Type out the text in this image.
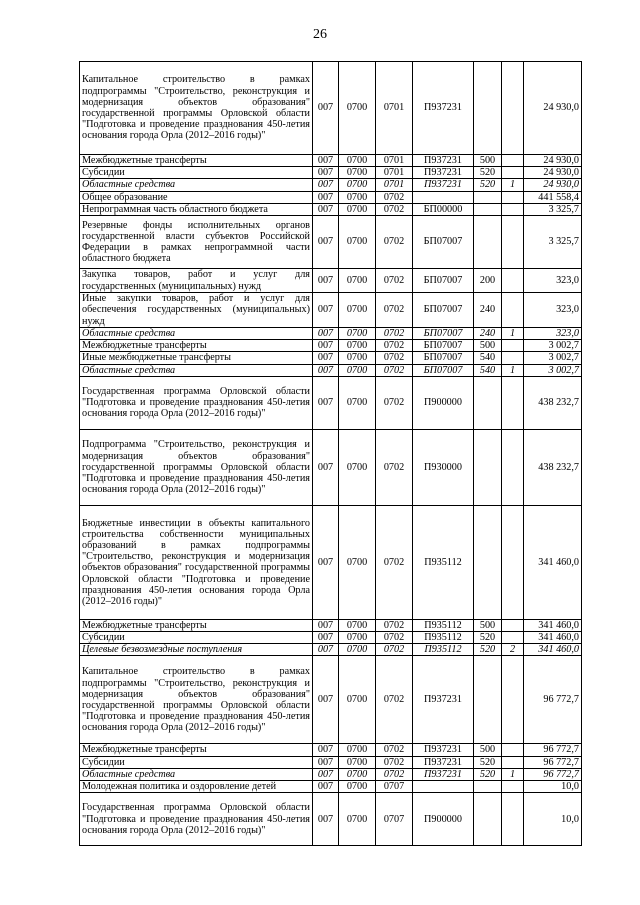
26
Капитальное строительство в рамках подпрограммы "Строительство, реконструкция и модернизация объектов образования" государственной программы Орловской области "Подготовка и проведение празднования 450-летия основания города Орла (2012–2016 годы)"	007	0700	0701	П937231			24 930,0
Межбюджетные трансферты	007	0700	0701	П937231	500		24 930,0
Субсидии	007	0700	0701	П937231	520		24 930,0
Областные средства	007	0700	0701	П937231	520	1	24 930,0
Общее образование	007	0700	0702				441 558,4
Непрограммная часть областного бюджета	007	0700	0702	БП00000			3 325,7
Резервные фонды исполнительных органов государственной власти субъектов Российской Федерации в рамках непрограммной части областного бюджета	007	0700	0702	БП07007			3 325,7
Закупка товаров, работ и услуг для государственных (муниципальных) нужд	007	0700	0702	БП07007	200		323,0
Иные закупки товаров, работ и услуг для обеспечения государственных (муниципальных) нужд	007	0700	0702	БП07007	240		323,0
Областные средства	007	0700	0702	БП07007	240	1	323,0
Межбюджетные трансферты	007	0700	0702	БП07007	500		3 002,7
Иные межбюджетные трансферты	007	0700	0702	БП07007	540		3 002,7
Областные средства	007	0700	0702	БП07007	540	1	3 002,7
Государственная программа Орловской области "Подготовка и проведение празднования 450-летия основания города Орла (2012–2016 годы)"	007	0700	0702	П900000			438 232,7
Подпрограмма "Строительство, реконструкция и модернизация объектов образования" государственной программы Орловской области "Подготовка и проведение празднования 450-летия основания города Орла (2012–2016 годы)"	007	0700	0702	П930000			438 232,7
Бюджетные инвестиции в объекты капитального строительства собственности муниципальных образований в рамках подпрограммы "Строительство, реконструкция и модернизация объектов образования" государственной программы Орловской области "Подготовка и проведение празднования 450-летия основания города Орла (2012–2016 годы)"	007	0700	0702	П935112			341 460,0
Межбюджетные трансферты	007	0700	0702	П935112	500		341 460,0
Субсидии	007	0700	0702	П935112	520		341 460,0
Целевые безвозмездные поступления	007	0700	0702	П935112	520	2	341 460,0
Капитальное строительство в рамках подпрограммы "Строительство, реконструкция и модернизация объектов образования" государственной программы Орловской области "Подготовка и проведение празднования 450-летия основания города Орла (2012–2016 годы)"	007	0700	0702	П937231			96 772,7
Межбюджетные трансферты	007	0700	0702	П937231	500		96 772,7
Субсидии	007	0700	0702	П937231	520		96 772,7
Областные средства	007	0700	0702	П937231	520	1	96 772,7
Молодежная политика и оздоровление детей	007	0700	0707				10,0
Государственная программа Орловской области "Подготовка и проведение празднования 450-летия основания города Орла (2012–2016 годы)"	007	0700	0707	П900000			10,0
